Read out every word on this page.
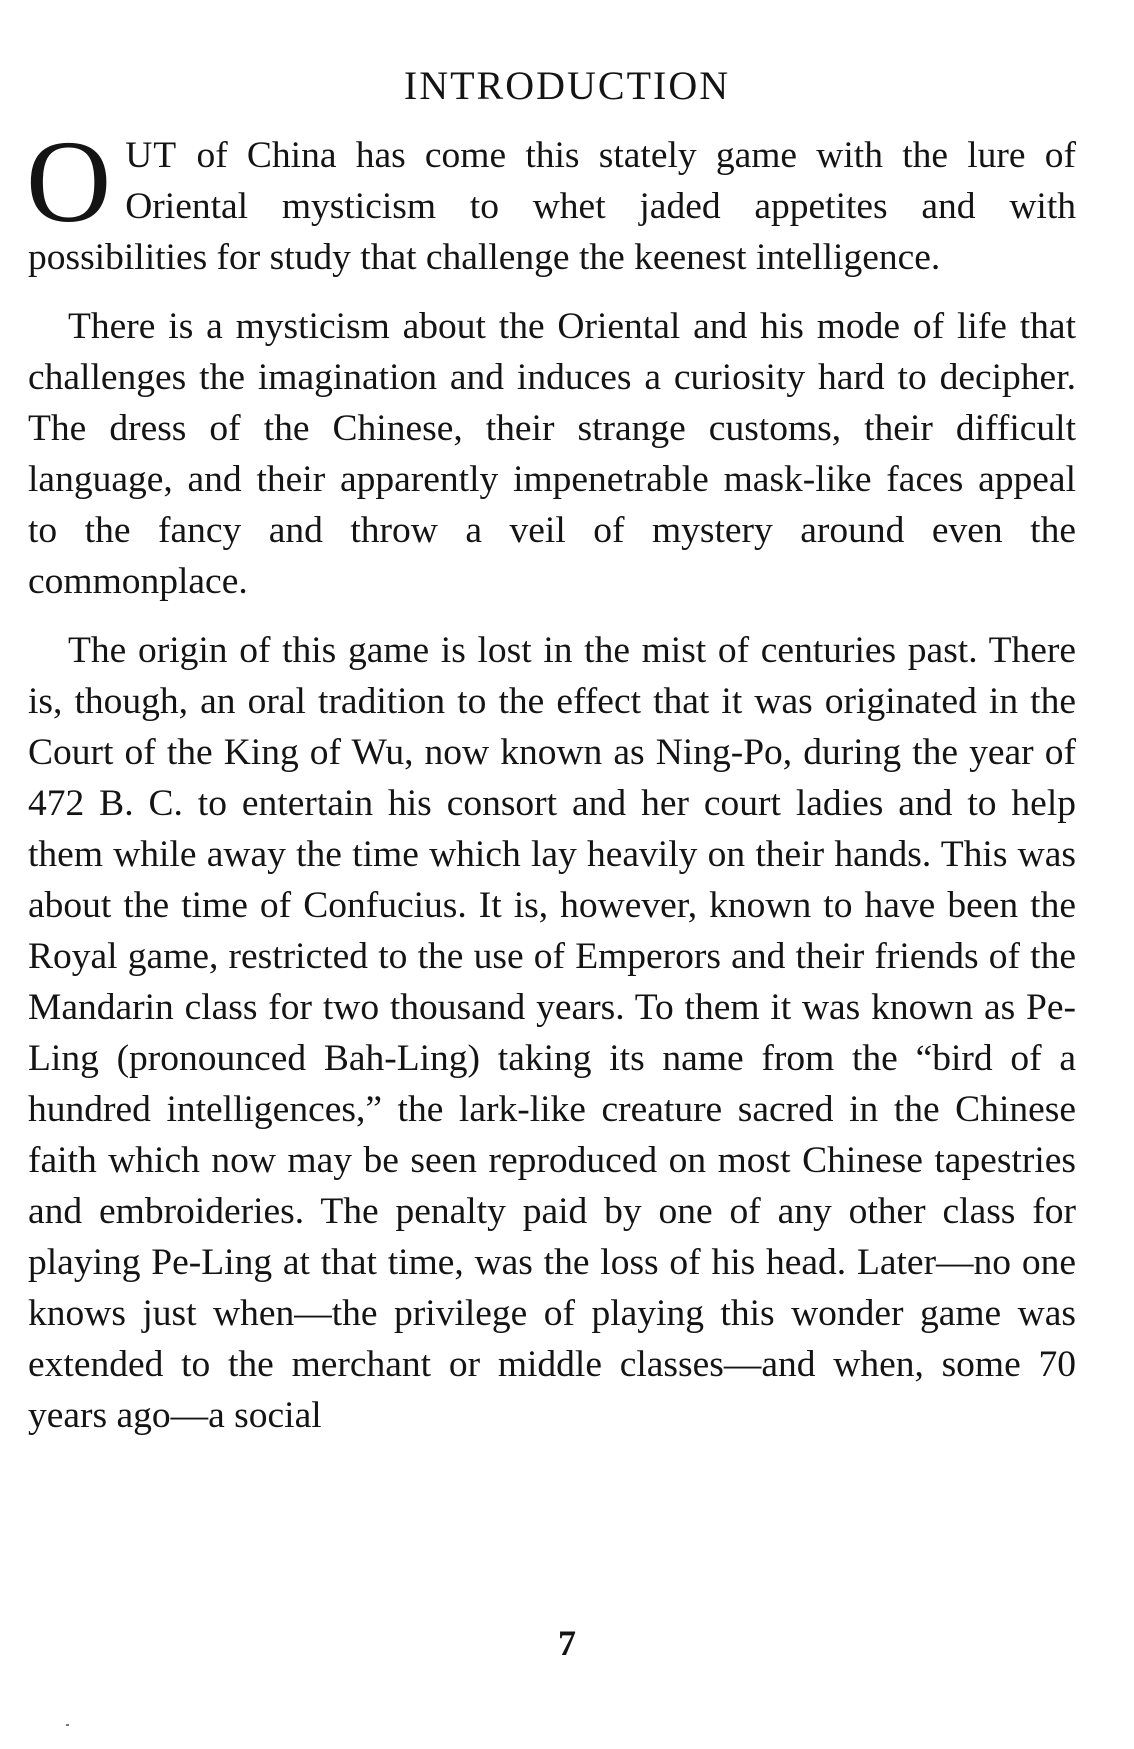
INTRODUCTION

OUT of China has come this stately game with the lure of Oriental mysticism to whet jaded appetites and with possibilities for study that challenge the keenest intelligence.

There is a mysticism about the Oriental and his mode of life that challenges the imagination and induces a curiosity hard to decipher. The dress of the Chinese, their strange customs, their difficult language, and their apparently impenetrable mask-like faces appeal to the fancy and throw a veil of mystery around even the commonplace.

The origin of this game is lost in the mist of centuries past. There is, though, an oral tradition to the effect that it was originated in the Court of the King of Wu, now known as Ning-Po, during the year of 472 B. C. to entertain his consort and her court ladies and to help them while away the time which lay heavily on their hands. This was about the time of Confucius. It is, however, known to have been the Royal game, restricted to the use of Emperors and their friends of the Mandarin class for two thousand years. To them it was known as Pe-Ling (pronounced Bah-Ling) taking its name from the “bird of a hundred intelligences,” the lark-like creature sacred in the Chinese faith which now may be seen reproduced on most Chinese tapestries and embroideries. The penalty paid by one of any other class for playing Pe-Ling at that time, was the loss of his head. Later—no one knows just when—the privilege of playing this wonder game was extended to the merchant or middle classes—and when, some 70 years ago—a social

7
